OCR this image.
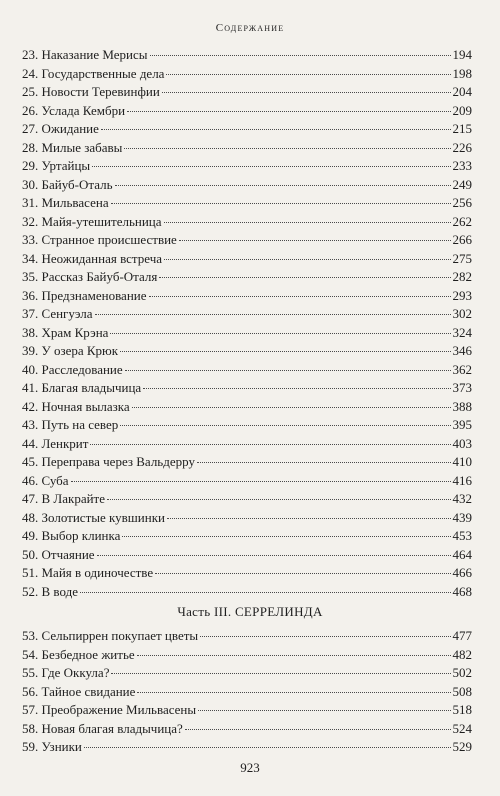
Содержание
23. Наказание Мерисы	194
24. Государственные дела	198
25. Новости Теревинфии	204
26. Услада Кембри	209
27. Ожидание	215
28. Милые забавы	226
29. Уртайцы	233
30. Байуб-Оталь	249
31. Мильвасена	256
32. Майя-утешительница	262
33. Странное происшествие	266
34. Неожиданная встреча	275
35. Рассказ Байуб-Оталя	282
36. Предзнаменование	293
37. Сенгуэла	302
38. Храм Крэна	324
39. У озера Крюк	346
40. Расследование	362
41. Благая владычица	373
42. Ночная вылазка	388
43. Путь на север	395
44. Ленкрит	403
45. Переправа через Вальдерру	410
46. Суба	416
47. В Лакрайте	432
48. Золотистые кувшинки	439
49. Выбор клинка	453
50. Отчаяние	464
51. Майя в одиночестве	466
52. В воде	468
Часть III. СЕРРЕЛИНДА
53. Сельпиррен покупает цветы	477
54. Безбедное житье	482
55. Где Оккула?	502
56. Тайное свидание	508
57. Преображение Мильвасены	518
58. Новая благая владычица?	524
59. Узники	529
923
